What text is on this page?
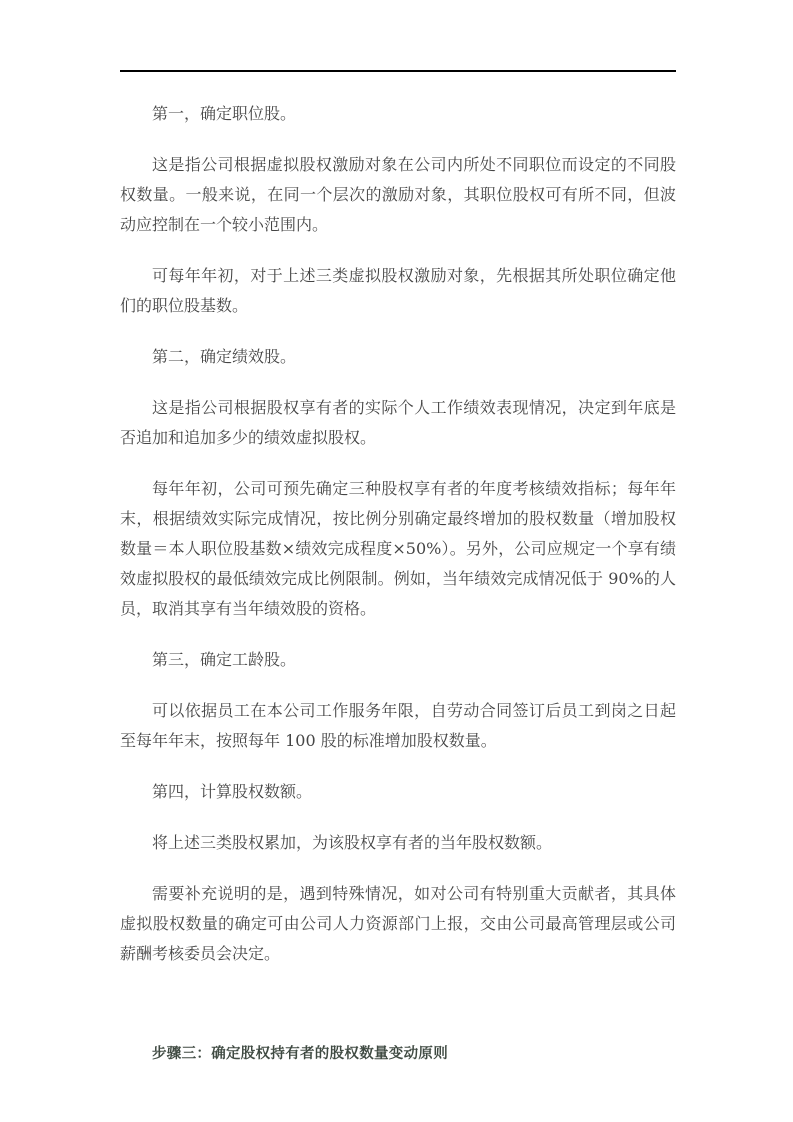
第一，确定职位股。

这是指公司根据虚拟股权激励对象在公司内所处不同职位而设定的不同股权数量。一般来说，在同一个层次的激励对象，其职位股权可有所不同，但波动应控制在一个较小范围内。

可每年年初，对于上述三类虚拟股权激励对象，先根据其所处职位确定他们的职位股基数。

第二，确定绩效股。

这是指公司根据股权享有者的实际个人工作绩效表现情况，决定到年底是否追加和追加多少的绩效虚拟股权。

每年年初，公司可预先确定三种股权享有者的年度考核绩效指标；每年年末，根据绩效实际完成情况，按比例分别确定最终增加的股权数量（增加股权数量＝本人职位股基数×绩效完成程度×50%）。另外，公司应规定一个享有绩效虚拟股权的最低绩效完成比例限制。例如，当年绩效完成情况低于 90%的人员，取消其享有当年绩效股的资格。

第三，确定工龄股。

可以依据员工在本公司工作服务年限，自劳动合同签订后员工到岗之日起至每年年末，按照每年 100 股的标准增加股权数量。

第四，计算股权数额。

将上述三类股权累加，为该股权享有者的当年股权数额。

需要补充说明的是，遇到特殊情况，如对公司有特别重大贡献者，其具体虚拟股权数量的确定可由公司人力资源部门上报，交由公司最高管理层或公司薪酬考核委员会决定。

步骤三：确定股权持有者的股权数量变动原则
